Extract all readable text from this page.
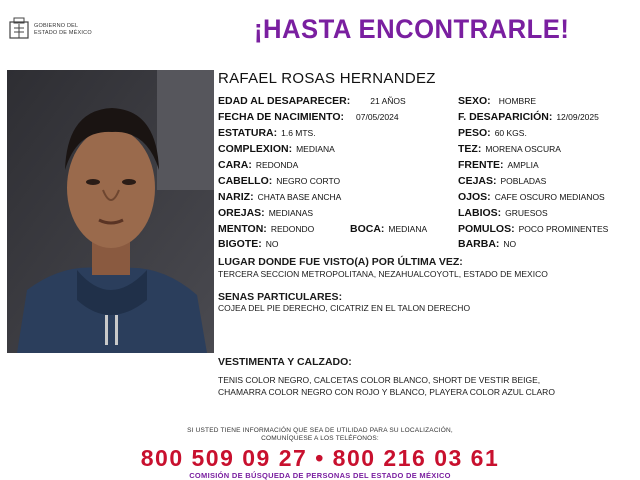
GOBIERNO DEL
ESTADO DE MÉXICO	¡HASTA ENCONTRARLE!
RAFAEL ROSAS HERNANDEZ
EDAD AL DESAPARECER: 21 AÑOS
FECHA DE NACIMIENTO: 07/05/2024
ESTATURA: 1.6 MTS.
COMPLEXION: MEDIANA
CARA: REDONDA
CABELLO: NEGRO CORTO
NARIZ: CHATA BASE ANCHA
OREJAS: MEDIANAS
MENTON: REDONDO	BOCA: MEDIANA
BIGOTE: NO
SEXO: HOMBRE
F. DESAPARICIÓN: 12/09/2025
PESO: 60 KGS.
TEZ: MORENA OSCURA
FRENTE: AMPLIA
CEJAS: POBLADAS
OJOS: CAFE OSCURO MEDIANOS
LABIOS: GRUESOS
POMULOS: POCO PROMINENTES
BARBA: NO
LUGAR DONDE FUE VISTO(A) POR ÚLTIMA VEZ:
TERCERA SECCION METROPOLITANA, NEZAHUALCOYOTL, ESTADO DE MEXICO
SENAS PARTICULARES:
COJEA DEL PIE DERECHO, CICATRIZ EN EL TALON DERECHO
VESTIMENTA Y CALZADO:
TENIS COLOR NEGRO, CALCETAS COLOR BLANCO, SHORT DE VESTIR BEIGE,
CHAMARRA COLOR NEGRO CON ROJO Y BLANCO, PLAYERA COLOR AZUL CLARO
SI USTED TIENE INFORMACIÓN QUE SEA DE UTILIDAD PARA SU LOCALIZACIÓN,
COMUNÍQUESE A LOS TELÉFONOS:
800 509 09 27 • 800 216 03 61
COMISIÓN DE BÚSQUEDA DE PERSONAS DEL ESTADO DE MÉXICO
